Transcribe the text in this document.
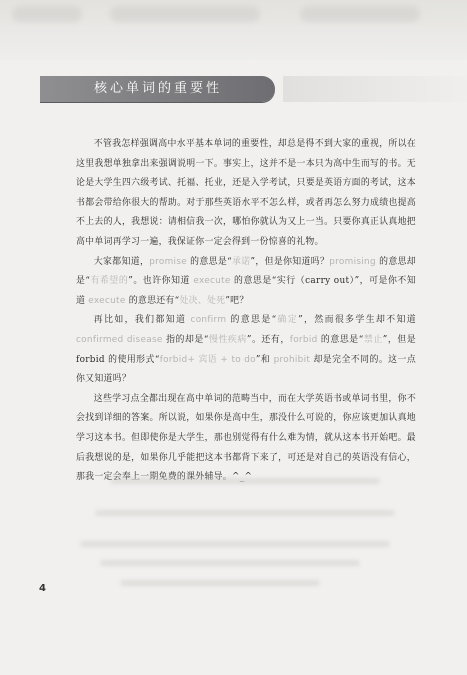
核心单词的重要性

不管我怎样强调高中水平基本单词的重要性，却总是得不到大家的重视，所以在这里我想单独拿出来强调说明一下。事实上，这并不是一本只为高中生而写的书。无论是大学生四六级考试、托福、托业，还是入学考试，只要是英语方面的考试，这本书都会带给你很大的帮助。对于那些英语水平不怎么样，或者再怎么努力成绩也提高不上去的人，我想说：请相信我一次，哪怕你就认为又上一当。只要你真正认真地把高中单词再学习一遍，我保证你一定会得到一份惊喜的礼物。

大家都知道，promise 的意思是“承诺”，但是你知道吗？promising 的意思却是“有希望的”。也许你知道 execute 的意思是“实行（carry out）”，可是你不知道 execute 的意思还有“处决、处死”吧？

再比如，我们都知道 confirm 的意思是“确定”，然而很多学生却不知道 confirmed disease 指的却是“慢性疾病”。还有，forbid 的意思是“禁止”，但是 forbid 的使用形式“forbid+ 宾语 + to do”和 prohibit 却是完全不同的。这一点你又知道吗？

这些学习点全都出现在高中单词的范畴当中，而在大学英语书或单词书里，你不会找到详细的答案。所以说，如果你是高中生，那没什么可说的，你应该更加认真地学习这本书。但即使你是大学生，那也别觉得有什么难为情，就从这本书开始吧。最后我想说的是，如果你几乎能把这本书都背下来了，可还是对自己的英语没有信心，那我一定会奉上一期免费的课外辅导。^_^

4
